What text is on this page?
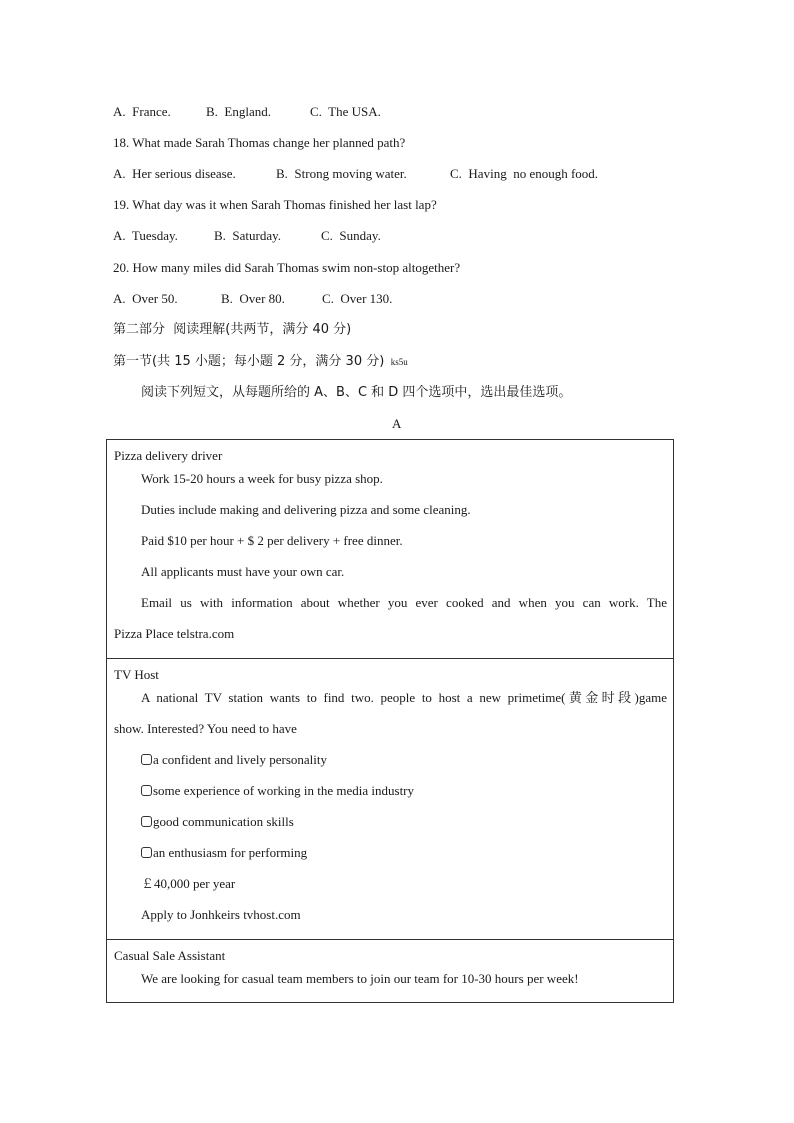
A.  France.	B.  England.	C.  The USA.
18. What made Sarah Thomas change her planned path?
A.  Her serious disease.	B.  Strong moving water.	C.  Having  no enough food.
19. What day was it when Sarah Thomas finished her last lap?
A.  Tuesday.	B.  Saturday.	C.  Sunday.
20. How many miles did Sarah Thomas swim non-stop altogether?
A.  Over 50.	B.  Over 80.	C.  Over 130.
第二部分  阅读理解(共两节，满分 40 分)
第一节(共 15 小题；每小题 2 分，满分 30 分) ks5u
阅读下列短文，从每题所给的 A、B、C 和 D 四个选项中，选出最佳选项。
A
Pizza delivery driver
Work 15-20 hours a week for busy pizza shop.
Duties include making and delivering pizza and some cleaning.
Paid $10 per hour + $ 2 per delivery + free dinner.
All applicants must have your own car.
Email us with information about whether you ever cooked and when you can work. The
Pizza Place telstra.com

TV Host
A national TV station wants to find two. people to host a new primetime(黄金时段)game
show. Interested? You need to have
a confident and lively personality
some experience of working in the media industry
good communication skills
an enthusiasm for performing
￡40,000 per year
Apply to Jonhkeirs tvhost.com

Casual Sale Assistant
We are looking for casual team members to join our team for 10-30 hours per week!
